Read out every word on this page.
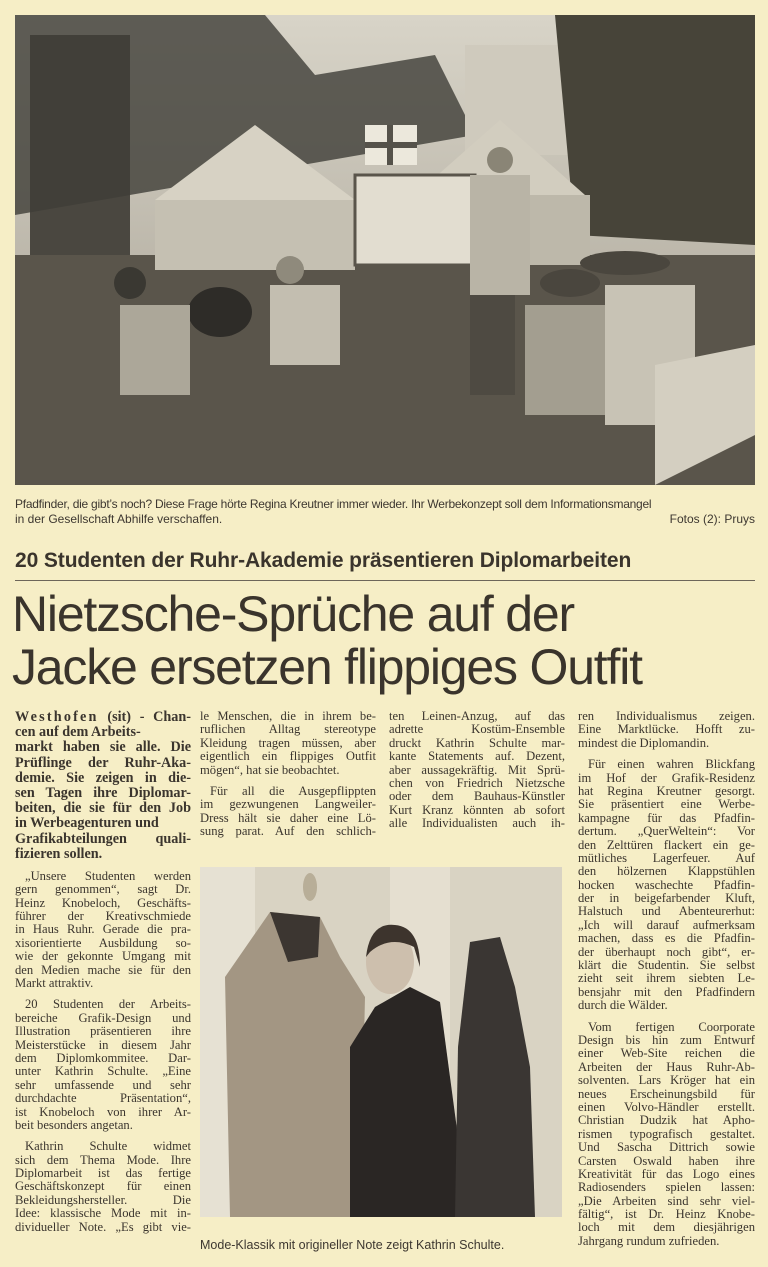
Pfadfinder, die gibt’s noch? Diese Frage hörte Regina Kreutner immer wieder. Ihr Werbekonzept soll dem Informationsmangel
in der Gesellschaft Abhilfe verschaffen.	Fotos (2): Pruys
20 Studenten der Ruhr-Akademie präsentieren Diplomarbeiten
Nietzsche-Sprüche auf der
Jacke ersetzen flippiges Outfit
Westhofen (sit) - Chan-
cen auf dem Arbeits-
markt haben sie alle. Die
Prüflinge der Ruhr-Aka-
demie. Sie zeigen in die-
sen Tagen ihre Diplomar-
beiten, die sie für den Job
in Werbeagenturen und
Grafikabteilungen quali-
fizieren sollen.
„Unsere Studenten werden
gern genommen“, sagt Dr.
Heinz Knobeloch, Geschäfts-
führer der Kreativschmiede
in Haus Ruhr. Gerade die pra-
xisorientierte Ausbildung so-
wie der gekonnte Umgang mit
den Medien mache sie für den
Markt attraktiv.
20 Studenten der Arbeits-
bereiche Grafik-Design und
Illustration präsentieren ihre
Meisterstücke in diesem Jahr
dem Diplomkommitee. Dar-
unter Kathrin Schulte. „Eine
sehr umfassende und sehr
durchdachte Präsentation“,
ist Knobeloch von ihrer Ar-
beit besonders angetan.
Kathrin Schulte widmet
sich dem Thema Mode. Ihre
Diplomarbeit ist das fertige
Geschäftskonzept für einen
Bekleidungshersteller. Die
Idee: klassische Mode mit in-
dividueller Note. „Es gibt vie-
le Menschen, die in ihrem be-
ruflichen Alltag stereotype
Kleidung tragen müssen, aber
eigentlich ein flippiges Outfit
mögen“, hat sie beobachtet.
Für all die Ausgepflippten
im gezwungenen Langweiler-
Dress hält sie daher eine Lö-
sung parat. Auf den schlich-
ten Leinen-Anzug, auf das
adrette Kostüm-Ensemble
druckt Kathrin Schulte mar-
kante Statements auf. Dezent,
aber aussagekräftig. Mit Sprü-
chen von Friedrich Nietzsche
oder dem Bauhaus-Künstler
Kurt Kranz könnten ab sofort
alle Individualisten auch ih-
ren Individualismus zeigen.
Eine Marktlücke. Hofft zu-
mindest die Diplomandin.
Für einen wahren Blickfang
im Hof der Grafik-Residenz
hat Regina Kreutner gesorgt.
Sie präsentiert eine Werbe-
kampagne für das Pfadfin-
dertum. „QuerWeltein“: Vor
den Zelttüren flackert ein ge-
mütliches Lagerfeuer. Auf
den hölzernen Klappstühlen
hocken waschechte Pfadfin-
der in beigefarbender Kluft,
Halstuch und Abenteurerhut:
„Ich will darauf aufmerksam
machen, dass es die Pfadfin-
der überhaupt noch gibt“, er-
klärt die Studentin. Sie selbst
zieht seit ihrem siebten Le-
bensjahr mit den Pfadfindern
durch die Wälder.
Vom fertigen Coorporate
Design bis hin zum Entwurf
einer Web-Site reichen die
Arbeiten der Haus Ruhr-Ab-
solventen. Lars Kröger hat ein
neues Erscheinungsbild für
einen Volvo-Händler erstellt.
Christian Dudzik hat Apho-
rismen typografisch gestaltet.
Und Sascha Dittrich sowie
Carsten Oswald haben ihre
Kreativität für das Logo eines
Radiosenders spielen lassen:
„Die Arbeiten sind sehr viel-
fältig“, ist Dr. Heinz Knobe-
loch mit dem diesjährigen
Jahrgang rundum zufrieden.
Mode-Klassik mit origineller Note zeigt Kathrin Schulte.
